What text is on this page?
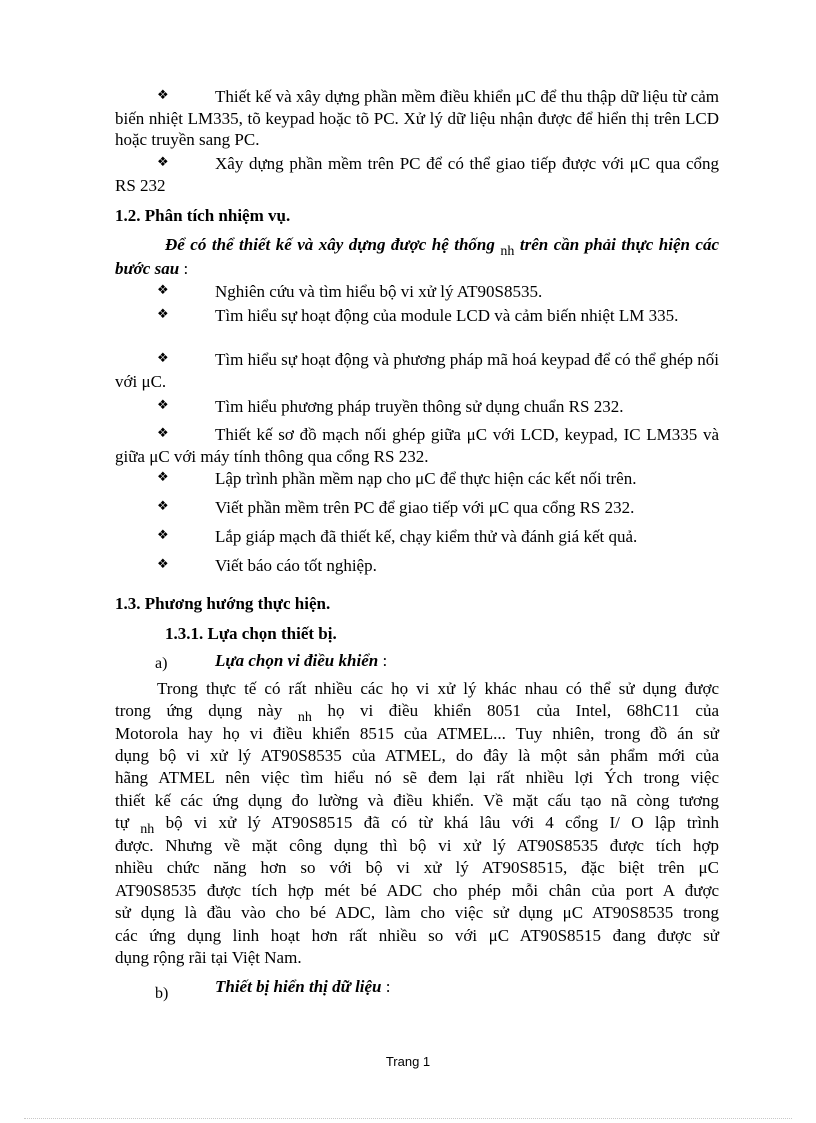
❖	Thiết kế và xây dựng phần mềm điều khiển μC để thu thập dữ liệu từ cảm biến nhiệt LM335, tõ keypad hoặc tõ PC. Xử lý dữ liệu nhận được để hiển thị trên LCD hoặc truyền sang PC.

❖	Xây dựng phần mềm trên PC để có thể giao tiếp được với μC qua cổng RS 232

1.2. Phân tích nhiệm vụ.

Để có thể thiết kế và xây dựng được hệ thống $_{nh}$ trên cần phải thực hiện các bước sau :

❖	Nghiên cứu và tìm hiểu bộ vi xử lý AT90S8535.

❖	Tìm hiểu sự hoạt động của module LCD và cảm biến nhiệt LM 335.

❖	Tìm hiểu sự hoạt động và phương pháp mã hoá keypad để có thể ghép nối với μC.

❖	Tìm hiểu phương pháp truyền thông sử dụng chuẩn RS 232.

❖	Thiết kế sơ đồ mạch nối ghép giữa μC với LCD, keypad, IC LM335 và giữa μC với máy tính thông qua cổng RS 232.

❖	Lập trình phần mềm nạp cho μC để thực hiện các kết nối trên.

❖	Viết phần mềm trên PC để giao tiếp với μC qua cổng RS 232.

❖	Lắp giáp mạch đã thiết kế, chạy kiểm thử và đánh giá kết quả.

❖	Viết báo cáo tốt nghiệp.

1.3. Phương hướng thực hiện.
1.3.1. Lựa chọn thiết bị.
a)	Lựa chọn vi điều khiển :
Trong thực tế có rất nhiều các họ vi xử lý khác nhau có thể sử dụng được
trong ứng dụng này $_{nh}$ họ vi điều khiển 8051 của Intel, 68hC11 của
Motorola hay họ vi điều khiển 8515 của ATMEL... Tuy nhiên, trong đồ án sử
dụng bộ vi xử lý AT90S8535 của ATMEL, do đây là một sản phẩm mới của
hãng ATMEL nên việc tìm hiểu nó sẽ đem lại rất nhiều lợi Ých trong việc
thiết kế các ứng dụng đo lường và điều khiển. Về mặt cấu tạo nã còng tương
tự $_{nh}$ bộ vi xử lý AT90S8515 đã có từ khá lâu với 4 cổng I/ O lập trình
được. Nhưng về mặt công dụng thì bộ vi xử lý AT90S8535 được tích hợp
nhiều chức năng hơn so với bộ vi xử lý AT90S8515, đặc biệt trên μC
AT90S8535 được tích hợp mét bé ADC cho phép mỗi chân của port A được
sử dụng là đầu vào cho bé ADC, làm cho việc sử dụng μC AT90S8535 trong
các ứng dụng linh hoạt hơn rất nhiều so với μC AT90S8515 đang được sử
dụng rộng rãi tại Việt Nam.
b)	Thiết bị hiển thị dữ liệu :
Trang 1
